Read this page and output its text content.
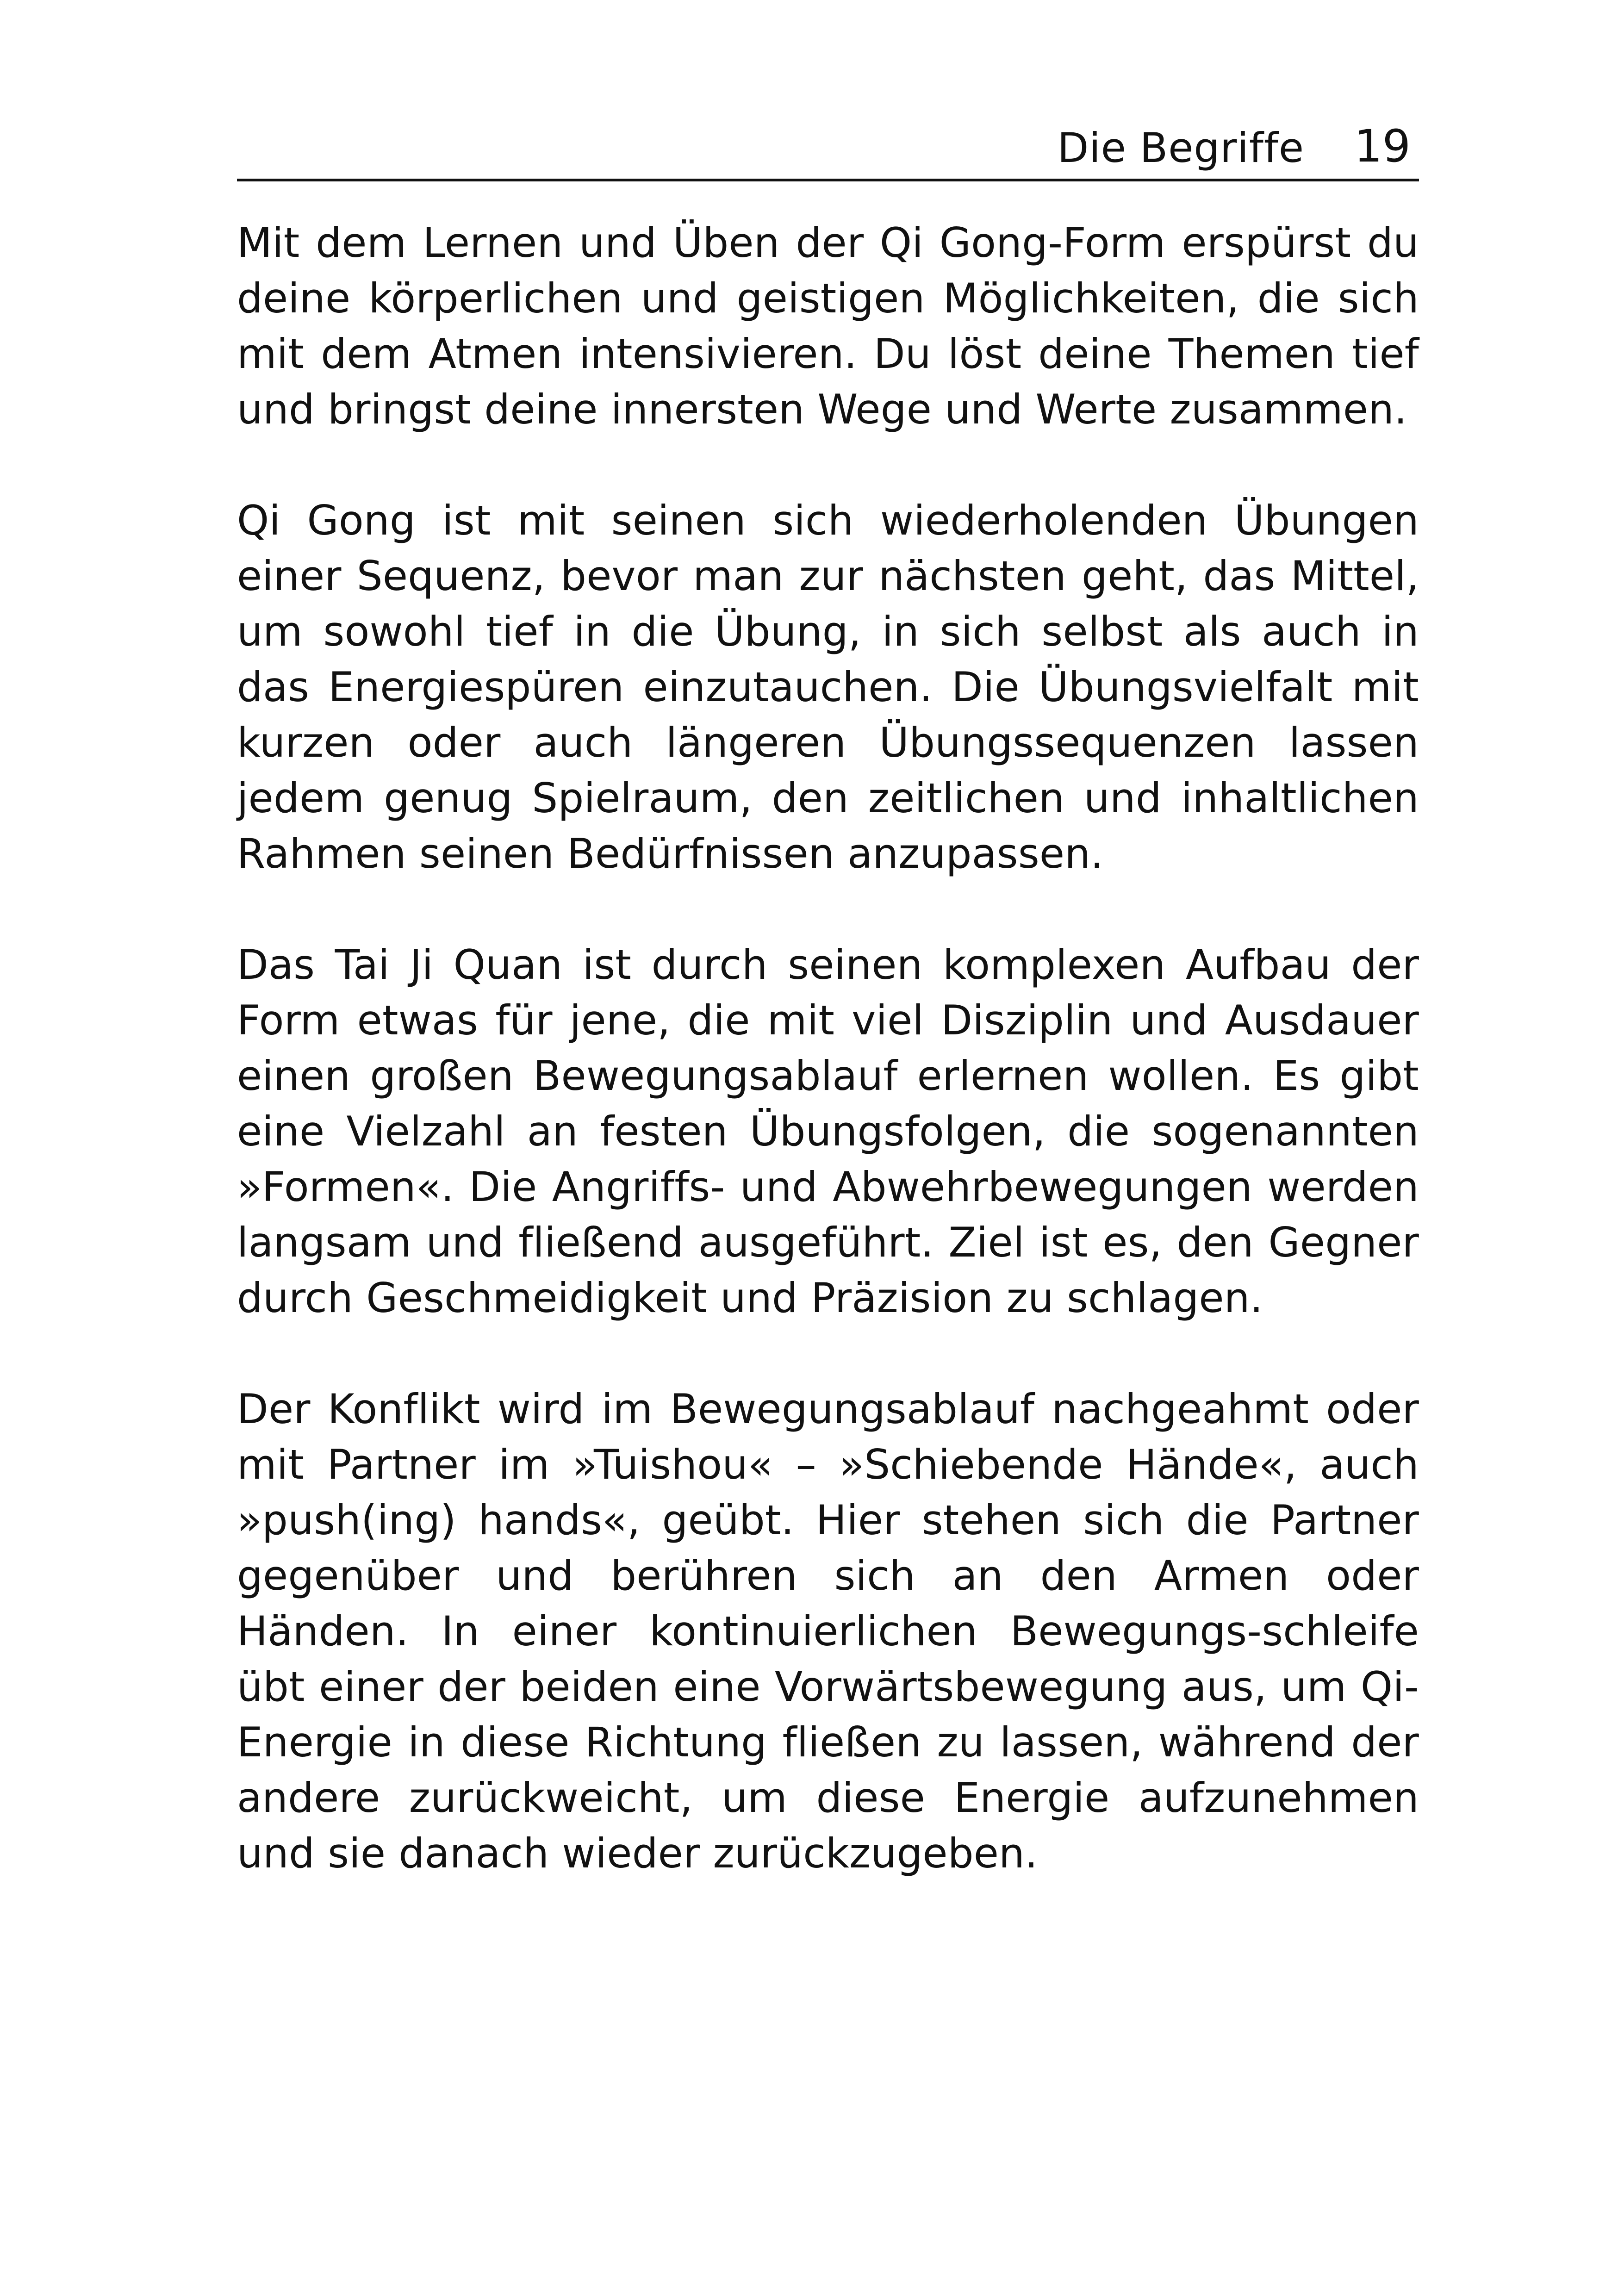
Die Begriffe 19

Mit dem Lernen und Üben der Qi Gong-Form erspürst du deine körperlichen und geistigen Möglichkeiten, die sich mit dem Atmen intensivieren. Du löst deine Themen tief und bringst deine innersten Wege und Werte zusammen.

Qi Gong ist mit seinen sich wiederholenden Übungen einer Sequenz, bevor man zur nächsten geht, das Mittel, um sowohl tief in die Übung, in sich selbst als auch in das Energiespüren einzutauchen. Die Übungsvielfalt mit kurzen oder auch längeren Übungssequenzen lassen jedem genug Spielraum, den zeitlichen und inhaltlichen Rahmen seinen Bedürfnissen anzupassen.

Das Tai Ji Quan ist durch seinen komplexen Aufbau der Form etwas für jene, die mit viel Disziplin und Ausdauer einen großen Bewegungsablauf erlernen wollen. Es gibt eine Vielzahl an festen Übungsfolgen, die sogenannten »Formen«. Die Angriffs- und Abwehrbewegungen werden langsam und fließend ausgeführt. Ziel ist es, den Gegner durch Geschmeidigkeit und Präzision zu schlagen.

Der Konflikt wird im Bewegungsablauf nachgeahmt oder mit Partner im »Tuishou« – »Schiebende Hände«, auch »push(ing) hands«, geübt. Hier stehen sich die Partner gegenüber und berühren sich an den Armen oder Händen. In einer kontinuierlichen Bewegungs-schleife übt einer der beiden eine Vorwärtsbewegung aus, um Qi-Energie in diese Richtung fließen zu lassen, während der andere zurückweicht, um diese Energie aufzunehmen und sie danach wieder zurückzugeben.
